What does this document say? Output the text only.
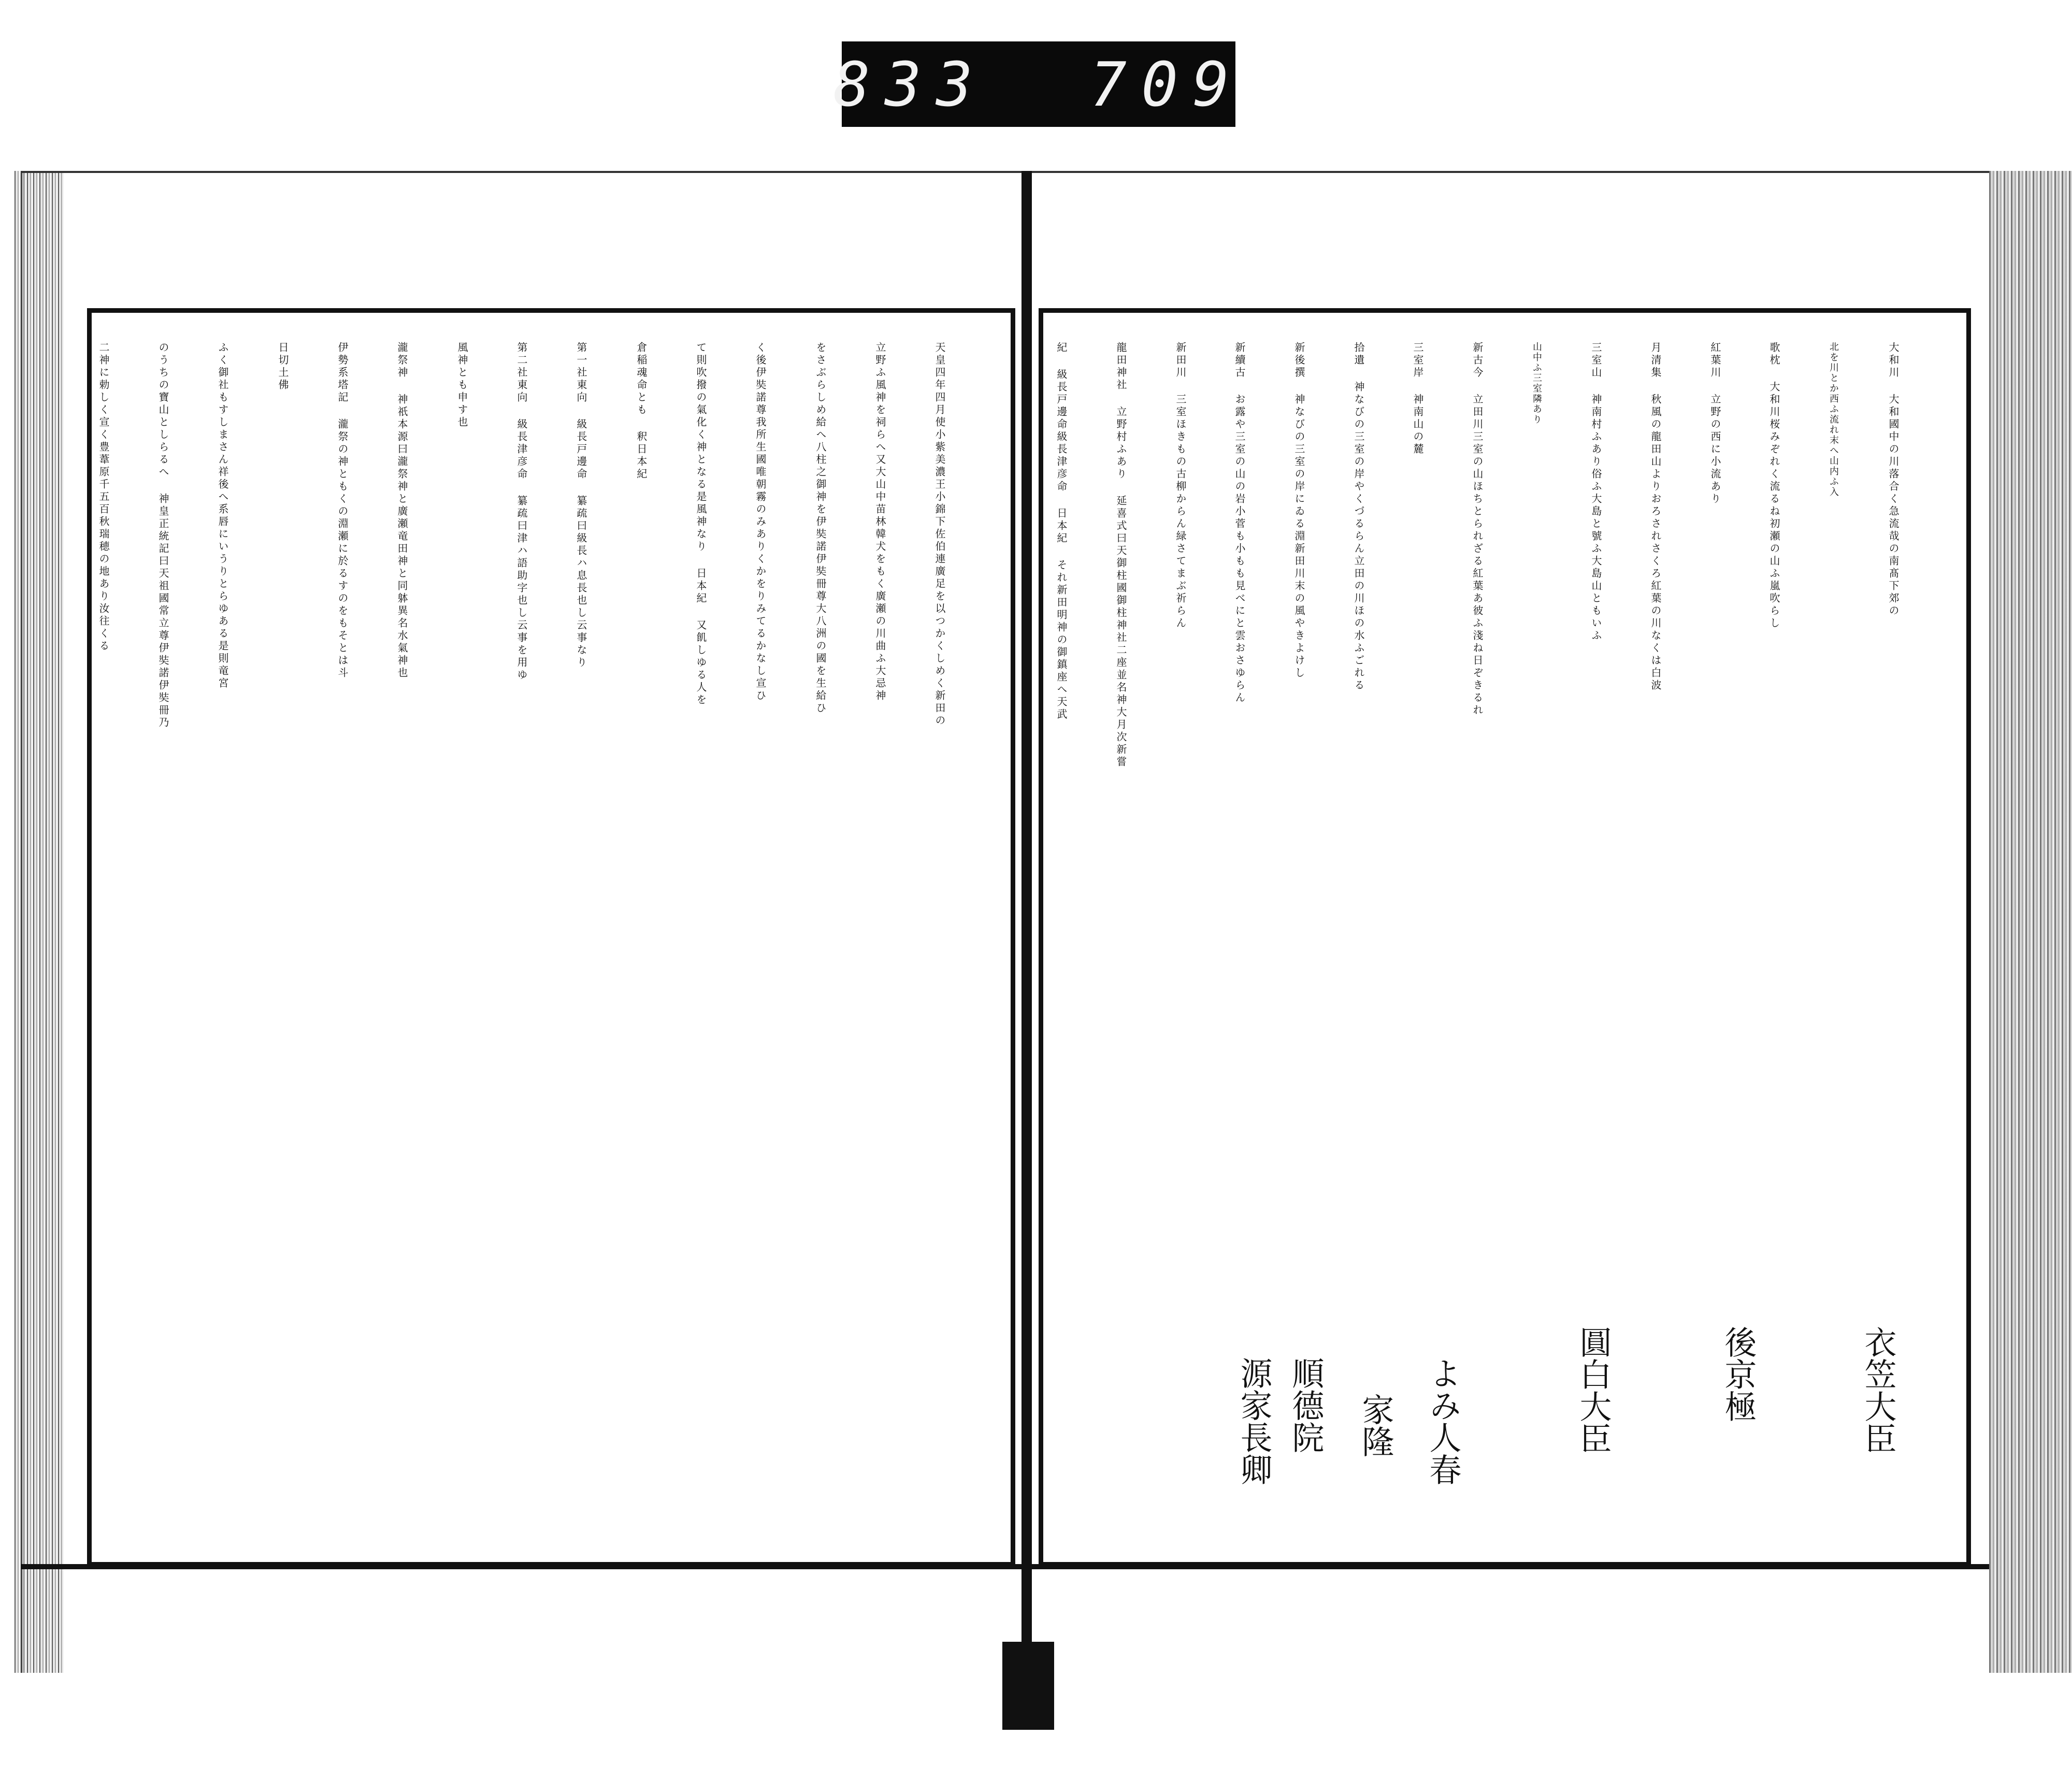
833
709
大和川 大和國中の川落合く急流哉の南髙下郊の
北を川とか西ふ流れ末へ山内ふ入
歌枕 大和川桜みぞれく流るね初瀬の山ふ嵐吹らし
紅葉川 立野の西に小流あり
月清集 秋風の龍田山よりおろされさくろ紅葉の川なくは白波
三室山 神南村ふあり俗ふ大島と號ふ大島山ともいふ
山中ふ三室隣あり
新古今 立田川三室の山ほちとられざる紅葉あ彼ふ淺ね日ぞきるれ
三室岸 神南山の麓
拾遺 神なびの三室の岸やくづるらん立田の川ほの水ふごれる
新後撰 神なびの三室の岸にゐる淵新田川末の風やきよけし
新續古 お露や三室の山の岩小菅も小もも見べにと雲おさゆらん
新田川 三室ほきもの古柳からん緑さてまぶ祈らん
龍田神社 立野村ふあり 延喜式曰天御柱國御柱神社二座並名神大月次新嘗
紀 級長戸邊命級長津彦命 日本紀 それ新田明神の御鎮座へ天武
天皇四年四月使小紫美濃王小錦下佐伯連廣足を以つかくしめく新田の
立野ふ風神を祠らへ又大山中苗林韓犬をもく廣瀬の川曲ふ大忌神
をさぶらしめ給へ八柱之御神を伊奘諾伊奘冊尊大八洲の國を生給ひ
く後伊奘諾尊我所生國唯朝霧のみありくかをりみてるかなし宣ひ
て則吹撥の氣化く神となる是風神なり 日本紀 又飢しゆる人を
倉稲魂命とも 釈日本紀
第一社東向 級長戸邊命 纂疏曰級長ハ息長也し云事なり
第二社東向 級長津彦命 纂疏曰津ハ語助字也し云事を用ゆ
風神とも申す也
瀧祭神 神祇本源曰瀧祭神と廣瀬竜田神と同躰異名水氣神也
伊勢系塔記 瀧祭の神ともくの淵瀬に於るすのをもそとは斗
日切土佛
ふく御社もすしまさん祥後へ系唇にいうりとらゆある是則竜宮
のうちの寶山としらるへ 神皇正統記曰天祖國常立尊伊奘諾伊奘冊乃
二神に勅しく宣く豊葦原千五百秋瑞穂の地あり汝往くる
衣笠大臣
後京極
圓白大臣
順德院 家隆
源家長卿	よみ人春
